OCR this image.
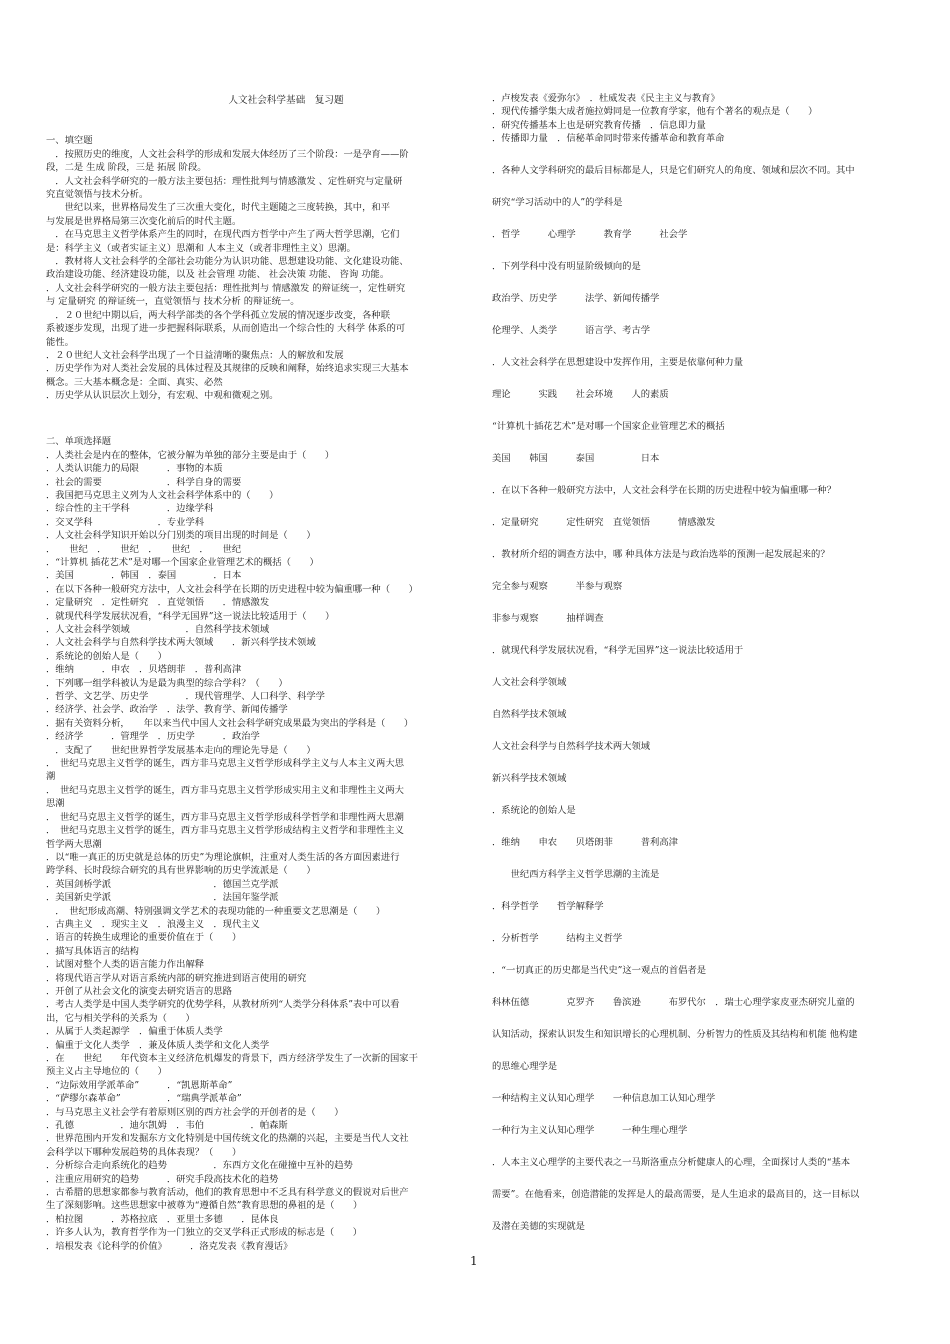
人文社会科学基础　复习题
一、填空题
　．按照历史的维度，人文社会科学的形成和发展大体经历了三个阶段：一是孕育——阶
段，二是 生成 阶段，三是 拓展 阶段。
　．人文社会科学研究的一般方法主要包括：理性批判与情感激发 、定性研究与定量研
究直觉领悟与技术分析。
　　世纪以来，世界格局发生了三次重大变化，时代主题随之三度转换，其中，和平
与发展是世界格局第三次变化前后的时代主题。
　．在马克思主义哲学体系产生的同时，在现代西方哲学中产生了两大哲学思潮，它们
是：科学主义（或者实证主义）思潮和 人本主义（或者非理性主义）思潮。
　．教材将人文社会科学的全部社会功能分为认识功能、思想建设功能、文化建设功能、
政治建设功能、经济建设功能，以及 社会管理 功能、 社会决策 功能、 咨询 功能。
．人文社会科学研究的一般方法主要包括：理性批判与 情感激发 的辩证统一，定性研究
与 定量研究 的辩证统一，直觉领悟与 技术分析 的辩证统一。
　．２０世纪中期以后，两大科学部类的各个学科孤立发展的情况逐步改变，各种联
系被逐步发现，出现了进一步把握科际联系，从而创造出一个综合性的 大科学 体系的可
能性。
．２０世纪人文社会科学出现了一个日益清晰的聚焦点：人的解放和发展
．历史学作为对人类社会发展的具体过程及其规律的反映和阐释，始终追求实现三大基本
概念。三大基本概念是：全面、真实、必然
．历史学从认识层次上划分，有宏观、中观和微观之别。
二、单项选择题
．人类社会是内在的整体，它被分解为单独的部分主要是由于（　　）
．人类认识能力的局限　　　．事物的本质
．社会的需要　　　　　　　．科学自身的需要
．我国把马克思主义列为人文社会科学体系中的（　　）
．综合性的主干学科　　　　．边缘学科
．交叉学科　　　　　　　．专业学科
．人文社会科学知识开始以分门别类的项目出现的时间是（　　）
．　　世纪　．　　世纪　．　　世纪　．　　世纪
．“计算机 插花艺术”是对哪一个国家企业管理艺术的概括（　　）
．美国　　　　．韩国　．泰国　　　　．日本
．在以下各种一般研究方法中，人文社会科学在长期的历史进程中较为偏重哪一种（　　）
．定量研究　．定性研究　．直觉领悟　　．情感激发
．就现代科学发展状况看，“科学无国界”这一说法比较适用于（　　）
．人文社会科学领域　　　　　　．自然科学技术领域
．人文社会科学与自然科学技术两大领域　　．新兴科学技术领域
．系统论的创始人是（　　）
．维纳　　　．申农　．贝塔朗菲　．普利高津
．下列哪一组学科被认为是最为典型的综合学科？（　　）
．哲学、文艺学、历史学　　　　．现代管理学、人口科学、科学学
．经济学、社会学、政治学　．法学、教育学、新闻传播学
．据有关资料分析，　　年以来当代中国人文社会科学研究成果最为突出的学科是（　　）
．经济学　　　．管理学　．历史学　　　．政治学
　．支配了　　世纪世界哲学发展基本走向的理论先导是（　　）
．　世纪马克思主义哲学的诞生，西方非马克思主义哲学形成科学主义与人本主义两大思
潮
．　世纪马克思主义哲学的诞生，西方非马克思主义哲学形成实用主义和非理性主义两大
思潮
．　世纪马克思主义哲学的诞生，西方非马克思主义哲学形成科学哲学和非理性两大思潮
．　世纪马克思主义哲学的诞生，西方非马克思主义哲学形成结构主义哲学和非理性主义
哲学两大思潮
．以“唯一真正的历史就是总体的历史”为理论旗帜，注重对人类生活的各方面因素进行
跨学科、长时段综合研究的具有世界影响的历史学流派是（　　）
．英国剑桥学派　　　　　　　　　　　．德国兰克学派
．美国新史学派　　　　　　　　　　　．法国年鉴学派
　．　世纪形成高潮、特别强调文学艺术的表现功能的一种重要文艺思潮是（　　）
．古典主义　．现实主义　．浪漫主义　．现代主义
．语言的转换生成理论的重要价值在于（　　）
．描写具体语言的结构
．试图对整个人类的语言能力作出解释
．将现代语言学从对语言系统内部的研究推进到语言使用的研究
．开创了从社会文化的演变去研究语言的思路
．考古人类学是中国人类学研究的优势学科，从教材所列“人类学分科体系”表中可以看
出，它与相关学科的关系为（　　）
．从属于人类起源学　．偏重于体质人类学
．偏重于文化人类学　．兼及体质人类学和文化人类学
．在　　世纪　　年代资本主义经济危机爆发的背景下，西方经济学发生了一次新的国家干
预主义占主导地位的（　　）
．“边际效用学派革命”　　　．“凯恩斯革命”
．“萨缪尔森革命”　　　　　．“瑞典学派革命”
．与马克思主义社会学有着原则区别的西方社会学的开创者的是（　　）
．孔德　　　　　．迪尔凯姆　．韦伯　　　　　．帕森斯
．世界范围内开发和发掘东方文化特别是中国传统文化的热潮的兴起，主要是当代人文社
会科学以下哪种发展趋势的具体表现？（　　）
．分析综合走向系统化的趋势　　　　　．东西方文化在碰撞中互补的趋势
．注重应用研究的趋势　　　．研究手段高技术化的趋势
．古希腊的思想家都参与教育活动，他们的教育思想中不乏具有科学意义的假说对后世产
生了深刻影响。这些思想家中被尊为“遵循自然”教育思想的鼻祖的是（　　）
．柏拉图　　　．苏格拉底　．亚里士多德　　．昆体良
．许多人认为，教育哲学作为一门独立的交叉学科正式形成的标志是（　　）
．培根发表《论科学的价值》　　　．洛克发表《教育漫话》
．卢梭发表《爱弥尔》　．杜威发表《民主主义与教育》
．现代传播学集大成者施拉姆同是一位教育学家，他有个著名的观点是（　　）
．研究传播基本上也是研究教育传播　．信息即力量
．传播即力量　．信秘革命同时带来传播革命和教育革命
．各种人文学科研究的最后目标都是人，只是它们研究人的角度、领域和层次不同。其中
研究“学习活动中的人”的学科是
．哲学　　　心理学　　　教育学　　　社会学
．下列学科中没有明显阶级倾向的是
政治学、历史学　　　法学、新闻传播学
伦理学、人类学　　　语言学、考古学
．人文社会科学在思想建设中发挥作用，主要是依靠何种力量
理论　　　实践　　社会环境　　人的素质
“计算机十插花艺术”是对哪一个国家企业管理艺术的概括
美国　　韩国　　　泰国　　　　　日本
．在以下各种一般研究方法中，人文社会科学在长期的历史进程中较为偏重哪一种？
．定量研究　　　定性研究　直觉领悟　　　情感激发
．教材所介绍的调查方法中，哪 种具体方法是与政治选举的预测一起发展起来的？
完全参与观察　　　半参与观察
非参与观察　　　抽样调查
．就现代科学发展状况看，“科学无国界”这一说法比较适用于
人文社会科学领域
自然科学技术领域
人文社会科学与自然科学技术两大领域
新兴科学技术领域
．系统论的创始人是
．维纳　　申农　　贝塔朗菲　　　普利高津
　　世纪西方科学主义哲学思潮的主流是
．科学哲学　　哲学解释学
．分析哲学　　　结构主义哲学
．“一切真正的历史都是当代史”这一观点的首倡者是
科林伍德　　　　克罗齐　　鲁滨逊　　　布罗代尔　．瑞士心理学家皮亚杰研究儿童的
认知活动，探索认识发生和知识增长的心理机制、分析智力的性质及其结构和机能 他构建
的思维心理学是
一种结构主义认知心理学　　一种信息加工认知心理学
一种行为主义认知心理学　　　一种生理心理学
．人本主义心理学的主要代表之一马斯洛重点分析健康人的心理，全面探讨人类的“基本
需要”。在他看来，创造潜能的发挥是人的最高需要，是人生追求的最高目的，这一目标以
及潜在美德的实现就是
1
